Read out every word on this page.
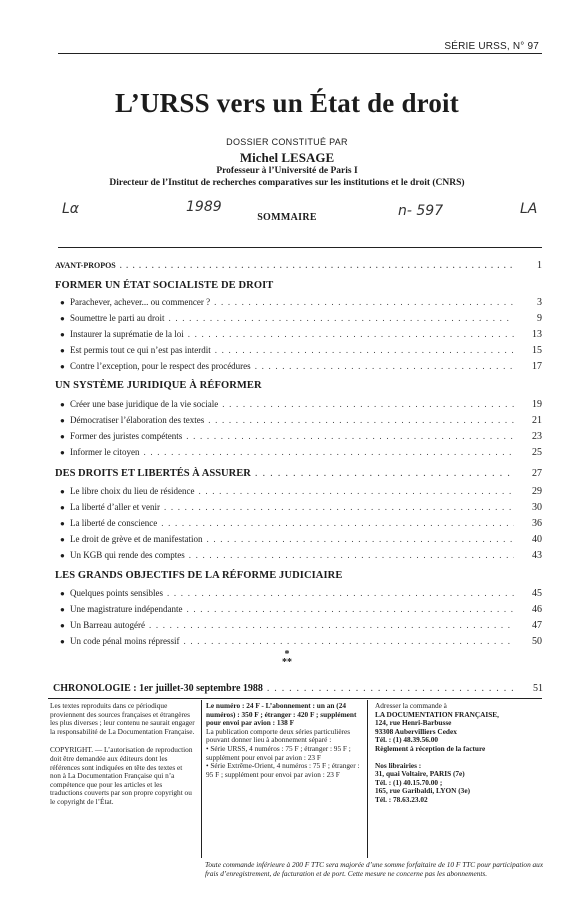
SÉRIE URSS, N° 97
L’URSS vers un État de droit
DOSSIER CONSTITUÉ PAR
Michel LESAGE
Professeur à l’Université de Paris I
Directeur de l’Institut de recherches comparatives sur les institutions et le droit (CNRS)
Lα	1989	n- 597	LA
SOMMAIRE
AVANT-PROPOS . . .	1
FORMER UN ÉTAT SOCIALISTE DE DROIT
● Parachever, achever... ou commencer ? . . .	3
● Soumettre le parti au droit . . .	9
● Instaurer la suprématie de la loi . . .	13
● Est permis tout ce qui n’est pas interdit . . .	15
● Contre l’exception, pour le respect des procédures . . .	17
UN SYSTÈME JURIDIQUE À RÉFORMER
● Créer une base juridique de la vie sociale . . .	19
● Démocratiser l’élaboration des textes . . .	21
● Former des juristes compétents . . .	23
● Informer le citoyen . . .	25
DES DROITS ET LIBERTÉS À ASSURER . . .	27
● Le libre choix du lieu de résidence . . .	29
● La liberté d’aller et venir . . .	30
● La liberté de conscience . . .	36
● Le droit de grève et de manifestation . . .	40
● Un KGB qui rende des comptes . . .	43
LES GRANDS OBJECTIFS DE LA RÉFORME JUDICIAIRE
● Quelques points sensibles . . .	45
● Une magistrature indépendante . . .	46
● Un Barreau autogéré . . .	47
● Un code pénal moins répressif . . .	50
*
**
CHRONOLOGIE : 1er juillet-30 septembre 1988 . . .	51

Les textes reproduits dans ce périodique proviennent des sources françaises et étrangères les plus diverses ; leur contenu ne saurait engager la responsabilité de La Documentation Française.

COPYRIGHT. — L’autorisation de reproduction doit être demandée aux éditeurs dont les références sont indiquées en tête des textes et non à La Documentation Française qui n’a compétence que pour les articles et les traductions couverts par son propre copyright ou le copyright de l’État.

Le numéro : 24 F - L’abonnement : un an (24 numéros) : 350 F ; étranger : 420 F ; supplément pour envoi par avion : 138 F

La publication comporte deux séries particulières pouvant donner lieu à abonnement séparé :

• Série URSS, 4 numéros : 75 F ; étranger : 95 F ; supplément pour envoi par avion : 23 F

• Série Extrême-Orient, 4 numéros : 75 F ; étranger : 95 F ; supplément pour envoi par avion : 23 F

Adresser la commande à

LA DOCUMENTATION FRANÇAISE,

124, rue Henri-Barbusse

93308 Aubervilliers Cedex

Tél. : (1) 48.39.56.00

Règlement à réception de la facture

Nos librairies :

31, quai Voltaire, PARIS (7e)

Tél. : (1) 40.15.70.00 ;

165, rue Garibaldi, LYON (3e)

Tél. : 78.63.23.02

Toute commande inférieure à 200 F TTC sera majorée d’une somme forfaitaire de 10 F TTC pour participation aux frais d’enregistrement, de facturation et de port. Cette mesure ne concerne pas les abonnements.
